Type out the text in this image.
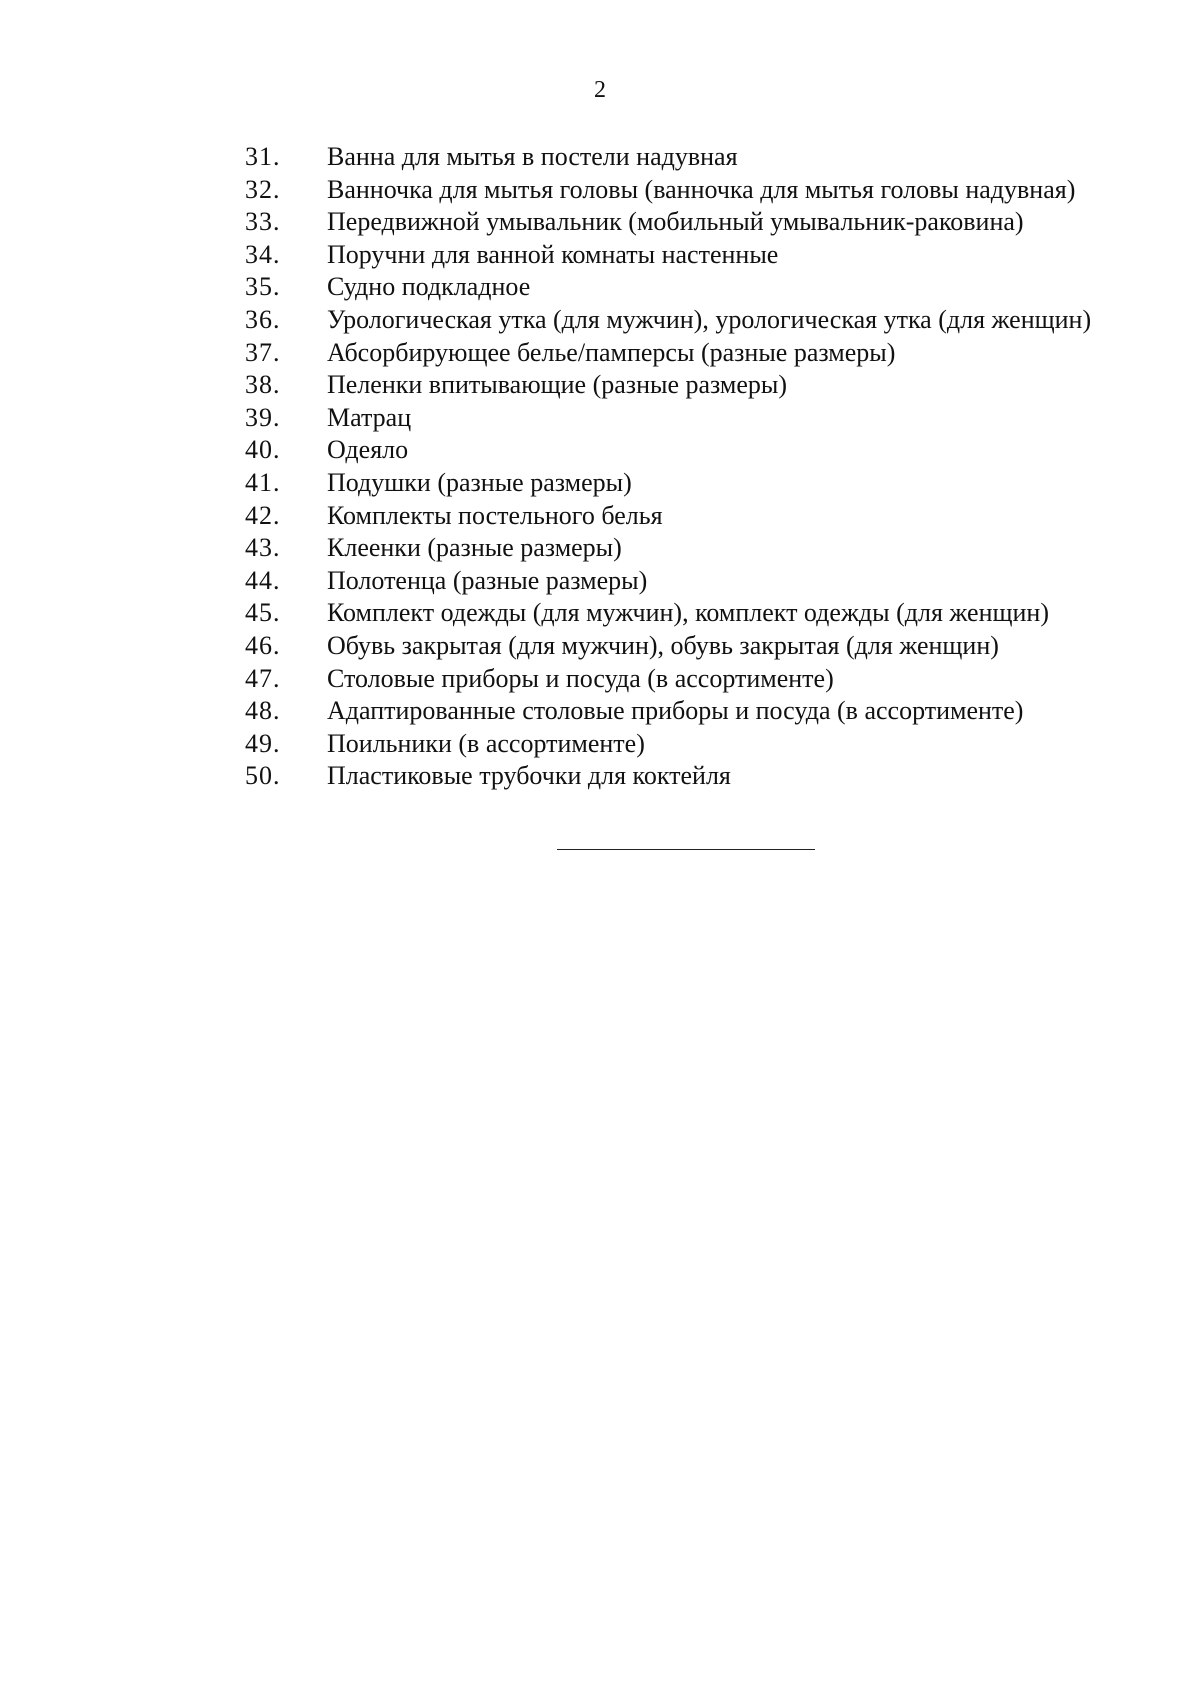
2
31. Ванна для мытья в постели надувная
32. Ванночка для мытья головы (ванночка для мытья головы надувная)
33. Передвижной умывальник (мобильный умывальник-раковина)
34. Поручни для ванной комнаты настенные
35. Судно подкладное
36. Урологическая утка (для мужчин), урологическая утка (для женщин)
37. Абсорбирующее белье/памперсы (разные размеры)
38. Пеленки впитывающие (разные размеры)
39. Матрац
40. Одеяло
41. Подушки (разные размеры)
42. Комплекты постельного белья
43. Клеенки (разные размеры)
44. Полотенца (разные размеры)
45. Комплект одежды (для мужчин), комплект одежды (для женщин)
46. Обувь закрытая (для мужчин), обувь закрытая (для женщин)
47. Столовые приборы и посуда (в ассортименте)
48. Адаптированные столовые приборы и посуда (в ассортименте)
49. Поильники (в ассортименте)
50. Пластиковые трубочки для коктейля
